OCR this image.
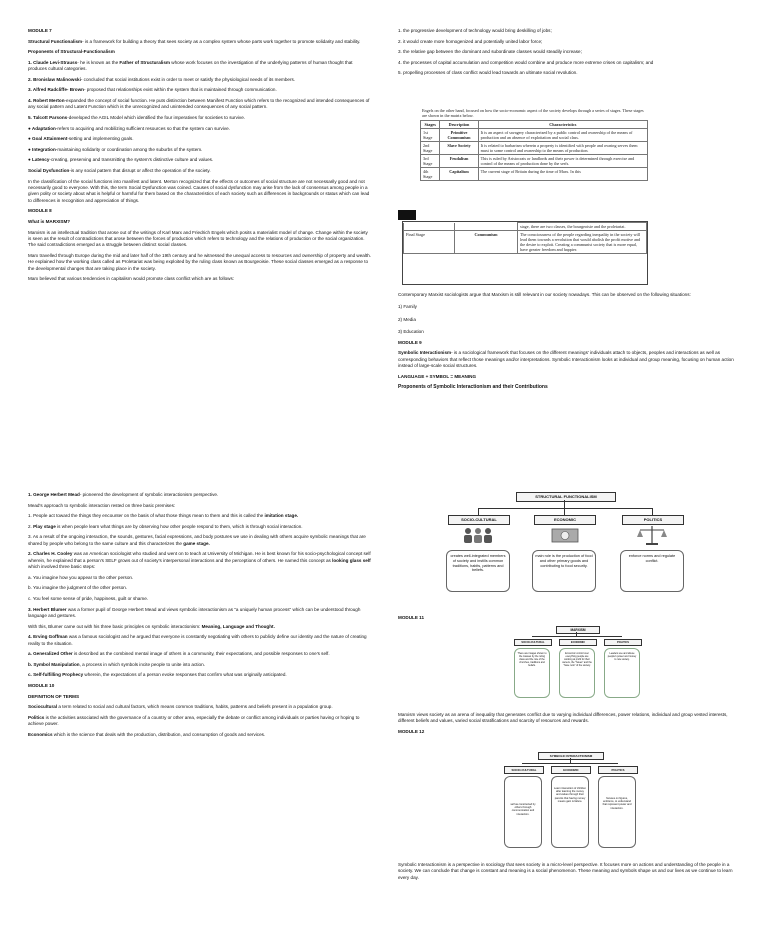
MODULE 7

Structural Functionalism- is a framework for building a theory that sees society as a complex system whose parts work together to promote solidarity and stability.

Proponents of Structural-Functionalism

1. Claude Levi-Strauss- he is known as the Father of Structuralism whose work focuses on the investigation of the underlying patterns of human thought that produces cultural categories.

2. Bronislaw Malinowski- concluded that social institutions exist in order to meet or satisfy the physiological needs of its members.

3. Alfred Radcliffe- Brown- proposed that relationships exist within the system that is maintained through communication.

4. Robert Merton-expanded the concept of social function. He puts distinction between Manifest Function which refers to the recognized and intended consequences of any social pattern and Latent Function which is the unrecognized and unintended consequences of any social pattern.

5. Talcott Parsons-developed the AGIL Model which identified the four imperatives for societies to survive.

● Adaptation-refers to acquiring and mobilizing sufficient resources so that the system can survive.

● Goal Attainment-setting and implementing goals.

● Integration-maintaining solidarity or coordination among the suburbs of the system.

● Latency-creating, preserving and transmitting the system's distinctive culture and values.

Social Dysfunction-is any social pattern that disrupt or affect the operation of the society.

In the classification of the social functions into manifest and latent. Merton recognized that the effects or outcomes of social structure are not necessarily good and not necessarily good to everyone. With this, the term Social Dysfunction was coined. Causes of social dysfunction may arise from the lack of consensus among people in a given polity or society about what is helpful or harmful for them based on the characteristics of each society such as differences in backgrounds or status which can lead to differences in recognition and appreciation of things.

MODULE 8

What is MARXISM?

Marxism is an intellectual tradition that arose out of the writings of Karl Marx and Friedrich Engels which posits a materialist model of change. Change within the society is seen as the result of contradictions that arose between the forces of production which refers to technology and the relations of production or the social organization. The said contradictions emerged as a struggle between distinct social classes.

Marx travelled through Europe during the mid and later half of the 19th century and he witnessed the unequal access to resources and ownership of property and wealth. He explained how the working class called as Proletariat was being exploited by the ruling class known as Bourgeoisie. These social classes emerged as a response to the developmental changes that are taking place in the society.

Marx believed that various tendencies in capitalism would promote class conflict which are as follows:

1. the progressive development of technology would bring deskilling of jobs;

2. it would create more homogenized and potentially united labor force;

3. the relative gap between the dominant and subordinate classes would steadily increase;

4. the processes of capital accumulation and competition would combine and produce more extreme crises on capitalism; and

5. propelling processes of class conflict would lead towards an ultimate social revolution.

Engels on the other hand, focused on how the socio-economic aspect of the society develops through a series of stages. These stages are shown in the matrix below.
Stages	Description	Characteristics
1st Stage	Primitive Communism	It is an aspect of savagery characterized by a public control and ownership of the means of production and an absence of exploitation and social class.
2nd Stage	Slave Society	It is related to barbarism wherein a property is identified with people and owning serves them must to some control and ownership to the means of production.
3rd Stage	Feudalism	This is ruled by Aristocrats or landlords and their power is determined through exercise and control of the means of production done by the serfs.
4th Stage	Capitalism	The current stage of Britain during the time of Marx. In this
		stage, there are two classes, the bourgeoisie and the proletariat.
Final Stage	Communism	The consciousness of the people regarding inequality in the society will lead them towards a revolution that would abolish the profit motive and the desire to exploit. Creating a communist society that is more equal, have greater freedom and happier.

Contemporary Marxist sociologists argue that Marxism is still relevant in our society nowadays. This can be observed on the following situations:

1) Family

2) Media

3) Education

MODULE 9

Symbolic Interactionism- is a sociological framework that focuses on the different meanings' individuals attach to objects, peoples and interactions as well as corresponding behaviors that reflect those meanings and/or interpretations. Symbolic Interactionism looks at individual and group meaning, focusing on human action instead of large-scale social structures.

LANGUAGE + SYMBOL = MEANING

Proponents of Symbolic Interactionism and their Contributions

1. George Herbert Mead- pioneered the development of symbolic interactionism perspective.

Mead's approach to symbolic interaction rested on three basic premises:

1. People act toward the things they encounter on the basis of what those things mean to them and this is called the imitation stage.

2. Play stage is when people learn what things are by observing how other people respond to them, which is through social interaction.

3. As a result of the ongoing interaction, the sounds, gestures, facial expressions, and body postures we use in dealing with others acquire symbolic meanings that are shared by people who belong to the same culture and this characterizes the game stage.

2. Charles H. Cooley was an American sociologist who studied and went on to teach at University of Michigan. He is best known for his socio-psychological concept self wherein, he explained that a person's SELF grows out of society's interpersonal interactions and the perceptions of others. He named this concept as looking glass self which involved three basic steps:

a. You imagine how you appear to the other person.

b. You imagine the judgment of the other person.

c. You feel some sense of pride, happiness, guilt or shame.

3. Herbert Blumer was a former pupil of George Herbert Mead and views symbolic interactionism as "a uniquely human process" which can be understood through language and gestures.

With this, Blumer came out with his three basic principles on symbolic interactionism: Meaning, Language and Thought.

4. Erving Goffman was a famous sociologist and he argued that everyone is constantly negotiating with others to publicly define our identity and the nature of creating reality to the situation.

a. Generalized Other is described as the combined mental image of others in a community, their expectations, and possible responses to one's self.

b. Symbol Manipulation, a process in which symbols incite people to unite into action.

c. Self-fulfilling Prophecy wherein, the expectations of a person evoke responses that confirm what was originally anticipated.

MODULE 10

DEFINITION OF TERMS

Sociocultural a term related to social and cultural factors, which means common traditions, habits, patterns and beliefs present in a population group.

Politics is the activities associated with the governance of a country or other area, especially the debate or conflict among individuals or parties having or hoping to achieve power.

Economics which is the science that deals with the production, distribution, and consumption of goods and services.

STRUCTURAL FUNCTIONALISM
SOCIO-CULTURAL	ECONOMIC	POLITICS
creates well-integrated members of society and instills common traditions, habits, patterns and beliefs.
main role is the production of food and other primary goods and contributing to food security.
enforce norms and regulate conflict.

MODULE 11

MARXISM
SOCIO-CULTURAL	ECONOMIC	POLITICS
There are images shown to the masses by the ruling class and the role of the churches, traditions and beliefs.
Economic control over everything people are working at profit for their owners, the "haves" and the "have nots" of the society.
Leaders use and abuse people's power and money to rule society.

Marxism views society as an arena of inequality that generates conflict due to varying individual differences, power relations, individual and group vested interests, different beliefs and values, varied social stratifications and scarcity of resources and rewards.

MODULE 12

SYMBOLIC INTERACTIONISM
SOCIO-CULTURAL	ECONOMIC	POLITICS
self as constructed by others through communication and interaction.
Learn interaction of children after learning the money and values through their parents that having money means gain is failure.
focuses on figures, emblems, to understand that represent power and interaction.

Symbolic Interactionism is a perspective in sociology that sees society in a micro-level perspective. It focuses more on actions and understanding of the people in a society. We can conclude that change is constant and meaning is a social phenomenon. These meaning and symbols shape us and our lives as we continue to learn every day.
